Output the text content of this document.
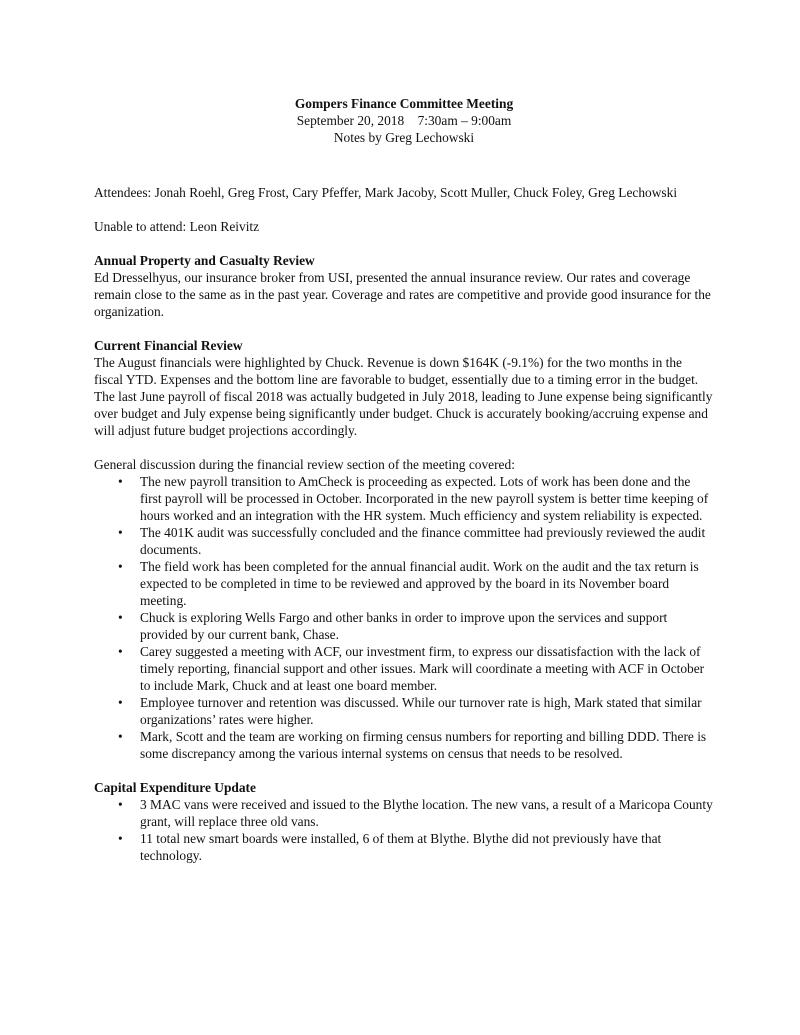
Gompers Finance Committee Meeting

September 20, 2018    7:30am – 9:00am

Notes by Greg Lechowski

Attendees: Jonah Roehl, Greg Frost, Cary Pfeffer, Mark Jacoby, Scott Muller, Chuck Foley, Greg Lechowski

Unable to attend: Leon Reivitz

Annual Property and Casualty Review

Ed Dresselhyus, our insurance broker from USI, presented the annual insurance review. Our rates and coverage remain close to the same as in the past year. Coverage and rates are competitive and provide good insurance for the organization.

Current Financial Review

The August financials were highlighted by Chuck. Revenue is down $164K (-9.1%) for the two months in the fiscal YTD. Expenses and the bottom line are favorable to budget, essentially due to a timing error in the budget. The last June payroll of fiscal 2018 was actually budgeted in July 2018, leading to June expense being significantly over budget and July expense being significantly under budget. Chuck is accurately booking/accruing expense and will adjust future budget projections accordingly.

General discussion during the financial review section of the meeting covered:

• The new payroll transition to AmCheck is proceeding as expected. Lots of work has been done and the first payroll will be processed in October. Incorporated in the new payroll system is better time keeping of hours worked and an integration with the HR system. Much efficiency and system reliability is expected.
• The 401K audit was successfully concluded and the finance committee had previously reviewed the audit documents.
• The field work has been completed for the annual financial audit. Work on the audit and the tax return is expected to be completed in time to be reviewed and approved by the board in its November board meeting.
• Chuck is exploring Wells Fargo and other banks in order to improve upon the services and support provided by our current bank, Chase.
• Carey suggested a meeting with ACF, our investment firm, to express our dissatisfaction with the lack of timely reporting, financial support and other issues. Mark will coordinate a meeting with ACF in October to include Mark, Chuck and at least one board member.
• Employee turnover and retention was discussed. While our turnover rate is high, Mark stated that similar organizations’ rates were higher.
• Mark, Scott and the team are working on firming census numbers for reporting and billing DDD. There is some discrepancy among the various internal systems on census that needs to be resolved.

Capital Expenditure Update

• 3 MAC vans were received and issued to the Blythe location. The new vans, a result of a Maricopa County grant, will replace three old vans.
• 11 total new smart boards were installed, 6 of them at Blythe. Blythe did not previously have that technology.
